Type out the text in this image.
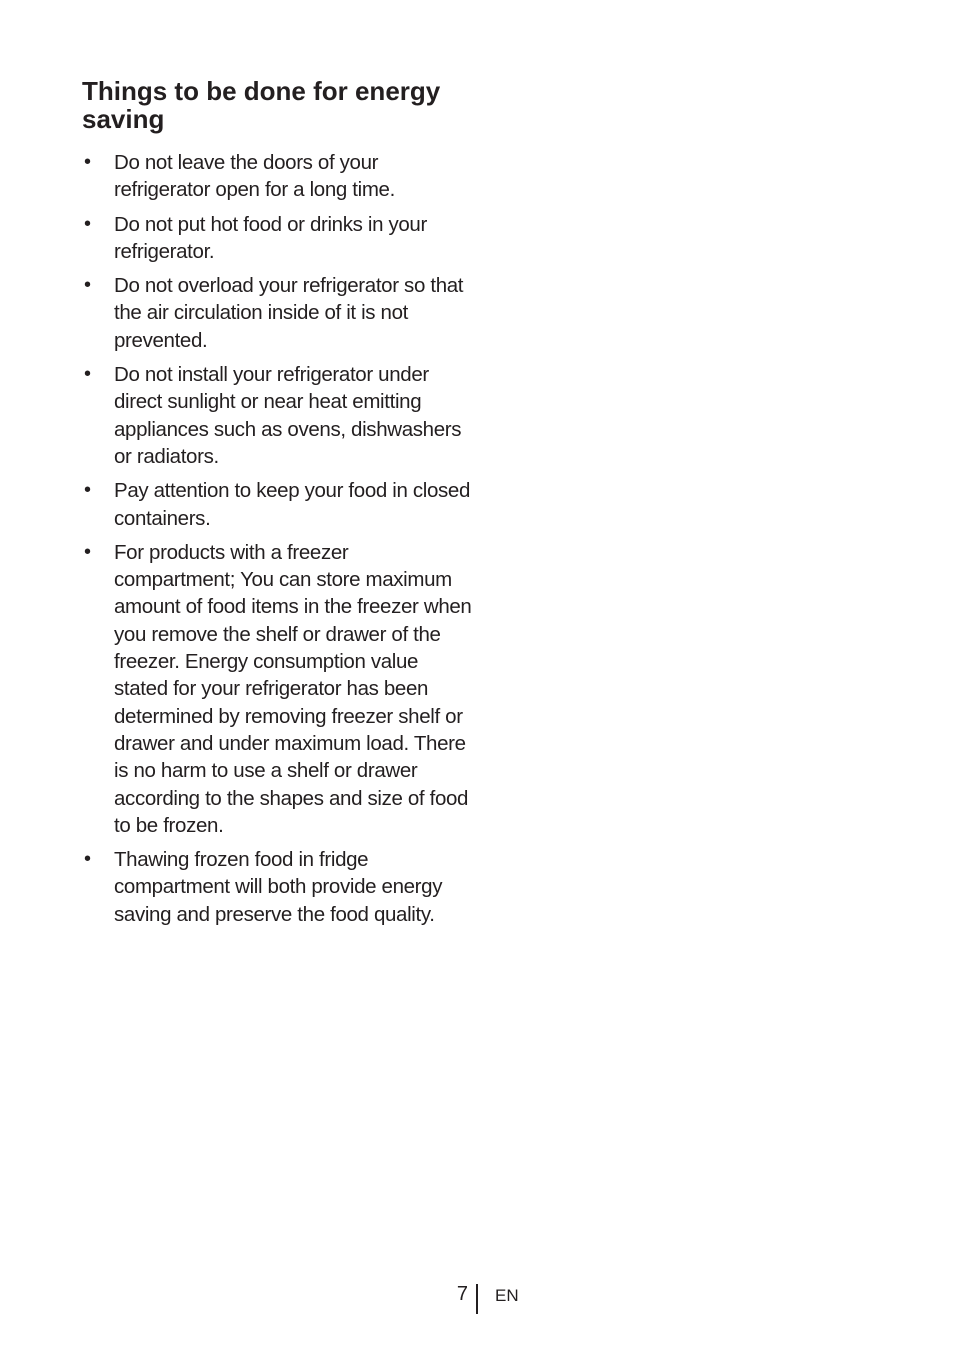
Things to be done for energy saving
• Do not leave the doors of your refrigerator open for a long time.
• Do not put hot food or drinks in your refrigerator.
• Do not overload your refrigerator so that the air circulation inside of it is not prevented.
• Do not install your refrigerator under direct sunlight or near heat emitting appliances such as ovens, dishwashers or radiators.
• Pay attention to keep your food in closed containers.
• For products with a freezer compartment; You can store maximum amount of food items in the freezer when you remove the shelf or drawer of the freezer. Energy consumption value stated for your refrigerator has been determined by removing freezer shelf or drawer and under maximum load. There is no harm to use a shelf or drawer according to the shapes and size of food to be frozen.
• Thawing frozen food in fridge compartment will both provide energy saving and preserve the food quality.
7 EN
